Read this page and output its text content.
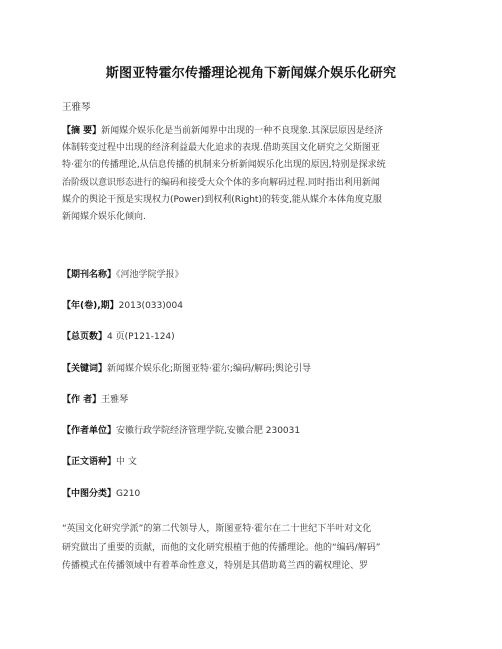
斯图亚特霍尔传播理论视角下新闻媒介娱乐化研究
王雅琴
【摘 要】新闻媒介娱乐化是当前新闻界中出现的一种不良现象.其深层原因是经济
体制转变过程中出现的经济利益最大化追求的表现.借助英国文化研究之父斯图亚
特·霍尔的传播理论,从信息传播的机制来分析新闻娱乐化出现的原因,特别是探求统
治阶级以意识形态进行的编码和接受大众个体的多向解码过程.同时指出利用新闻
媒介的舆论干预是实现权力(Power)到权利(Right)的转变,能从媒介本体角度克服
新闻媒介娱乐化倾向.
【期刊名称】《河池学院学报》
【年(卷),期】2013(033)004
【总页数】4 页(P121-124)
【关键词】新闻媒介娱乐化;斯图亚特·霍尔;编码/解码;舆论引导
【作 者】王雅琴
【作者单位】安徽行政学院经济管理学院,安徽合肥 230031
【正文语种】中 文
【中图分类】G210
“英国文化研究学派”的第二代领导人，斯图亚特·霍尔在二十世纪下半叶对文化
研究做出了重要的贡献，而他的文化研究根植于他的传播理论。他的“编码/解码”
传播模式在传播领域中有着革命性意义，特别是其借助葛兰西的霸权理论、罗
